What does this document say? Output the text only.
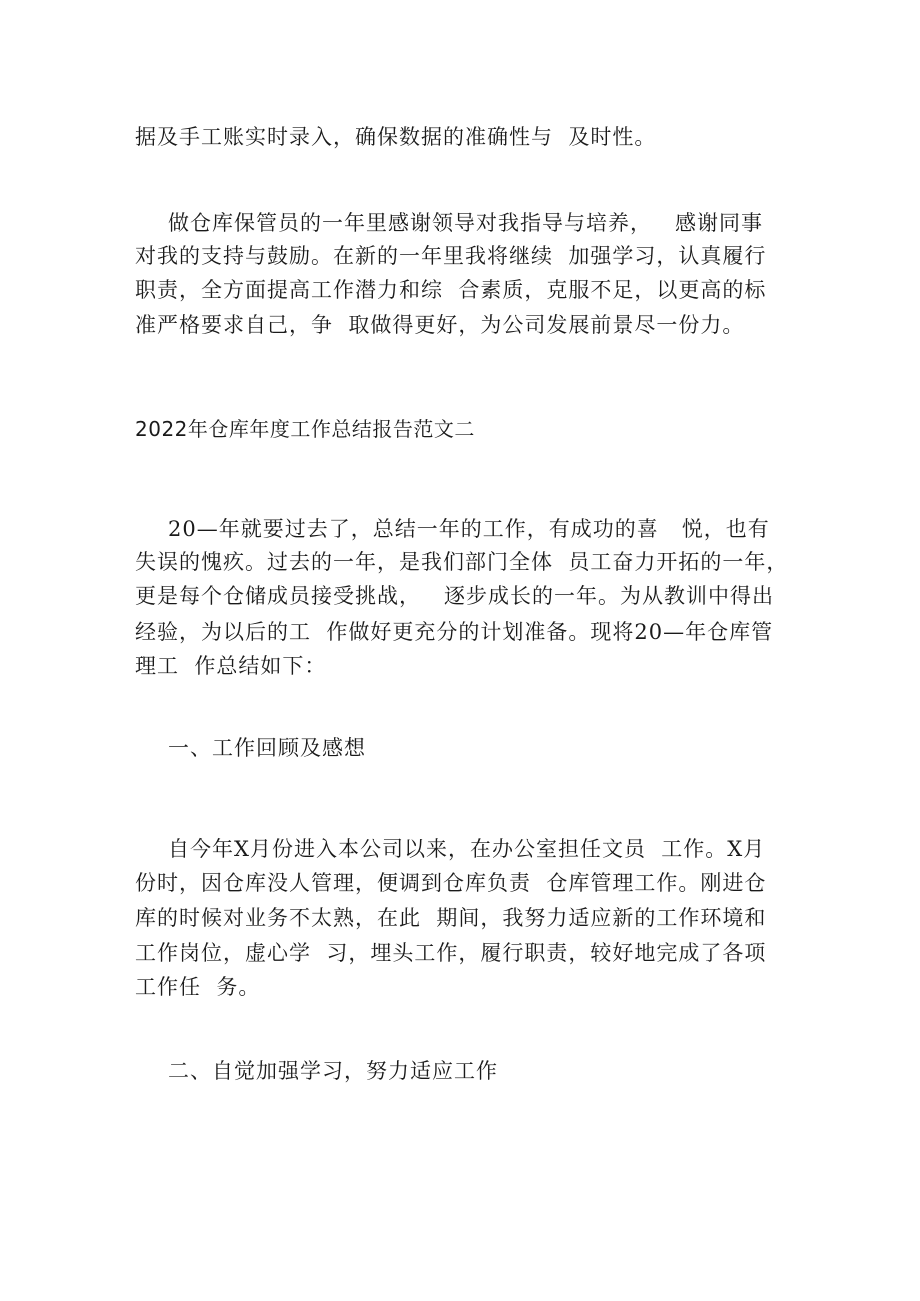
据及手工账实时录入，确保数据的准确性与  及时性。
做仓库保管员的一年里感谢领导对我指导与培养，   感谢同事
对我的支持与鼓励。在新的一年里我将继续  加强学习，认真履行
职责，全方面提高工作潜力和综  合素质，克服不足，以更高的标
准严格要求自己，争  取做得更好，为公司发展前景尽一份力。
2022年仓库年度工作总结报告范文二
20—年就要过去了，总结一年的工作，有成功的喜   悦，也有
失误的愧疚。过去的一年，是我们部门全体  员工奋力开拓的一年，
更是每个仓储成员接受挑战，   逐步成长的一年。为从教训中得出
经验，为以后的工  作做好更充分的计划准备。现将20—年仓库管
理工  作总结如下：
一、工作回顾及感想
自今年X月份进入本公司以来，在办公室担任文员  工作。X月
份时，因仓库没人管理，便调到仓库负责  仓库管理工作。刚进仓
库的时候对业务不太熟，在此  期间，我努力适应新的工作环境和
工作岗位，虚心学  习，埋头工作，履行职责，较好地完成了各项
工作任  务。
二、自觉加强学习，努力适应工作
